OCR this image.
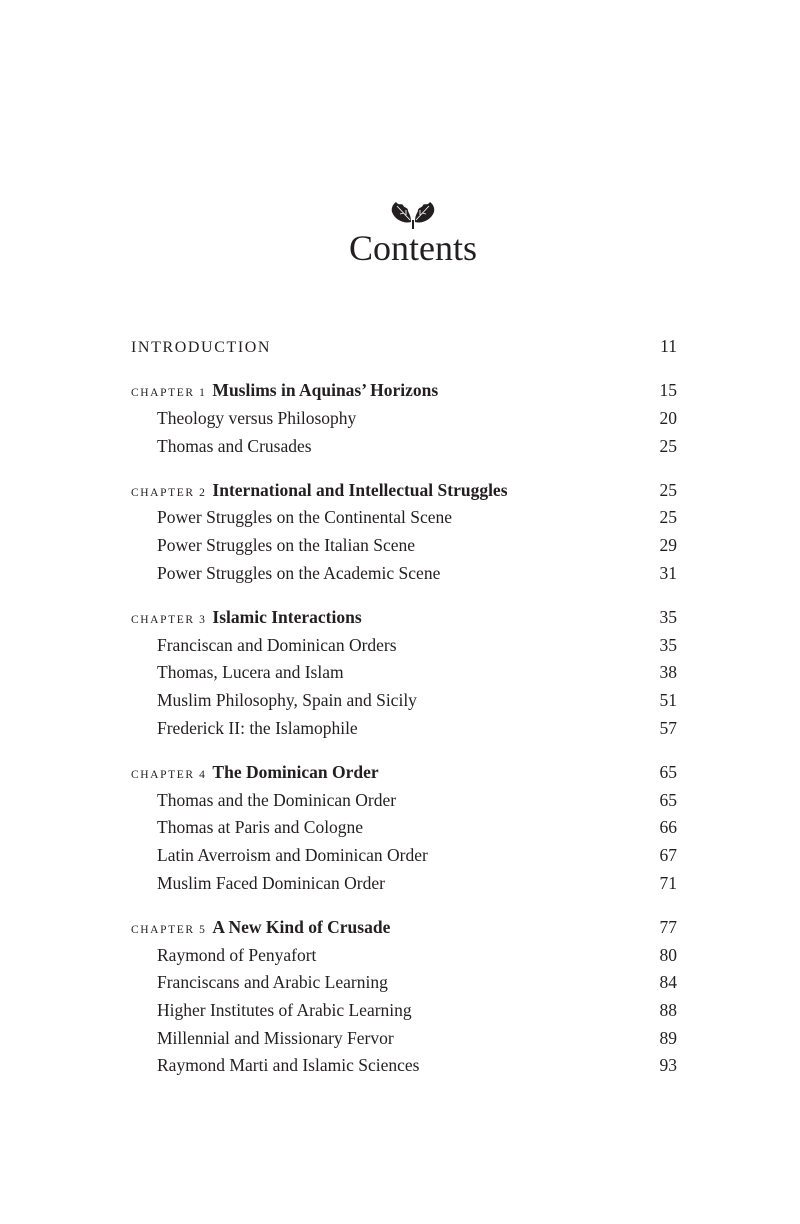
Contents
INTRODUCTION	11
CHAPTER 1 Muslims in Aquinas’ Horizons	15
Theology versus Philosophy	20
Thomas and Crusades	25
CHAPTER 2 International and Intellectual Struggles	25
Power Struggles on the Continental Scene	25
Power Struggles on the Italian Scene	29
Power Struggles on the Academic Scene	31
CHAPTER 3 Islamic Interactions	35
Franciscan and Dominican Orders	35
Thomas, Lucera and Islam	38
Muslim Philosophy, Spain and Sicily	51
Frederick II: the Islamophile	57
CHAPTER 4 The Dominican Order	65
Thomas and the Dominican Order	65
Thomas at Paris and Cologne	66
Latin Averroism and Dominican Order	67
Muslim Faced Dominican Order	71
CHAPTER 5 A New Kind of Crusade	77
Raymond of Penyafort	80
Franciscans and Arabic Learning	84
Higher Institutes of Arabic Learning	88
Millennial and Missionary Fervor	89
Raymond Marti and Islamic Sciences	93
